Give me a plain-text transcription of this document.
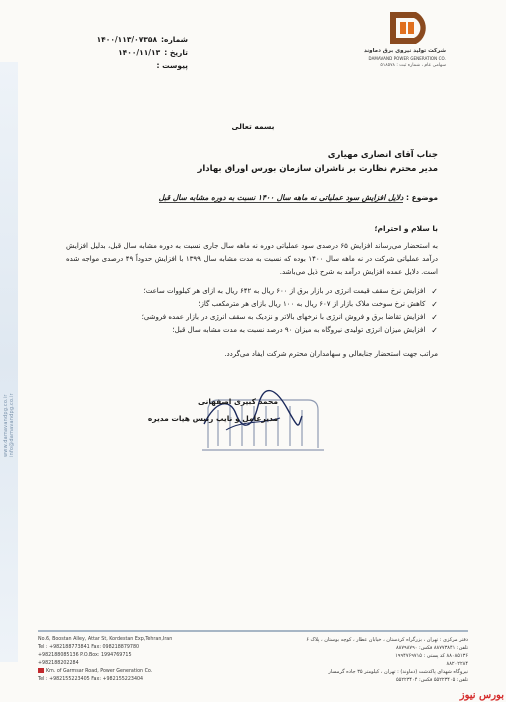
www.damavandpg.co.ir
info@damavandpg.co.ir
شماره:
۱۴۰۰/۱۱۳/۰۷۳۵۸
تاریخ :
۱۴۰۰/۱۱/۱۳
پیوست :
شرکت تولید نیروی برق دماوند
DAMAVAND POWER GENERATION CO.
سهامی عام ، شماره ثبت : ۵۱۸۵۷۸
بسمه تعالی
جناب آقای انصاری مهیاری
مدیر محترم نظارت بر ناشران سازمان بورس اوراق بهادار
موضوع : دلایل افزایش سود عملیاتی نه ماهه سال ۱۴۰۰ نسبت به دوره مشابه سال قبل
با سلام و احترام؛
به استحضار می‌رساند افزایش ۶۵ درصدی سود عملیاتی دوره نه ماهه سال جاری نسبت به دوره مشابه سال قبل، بدلیل افزایش درآمد عملیاتی شرکت در نه ماهه سال ۱۴۰۰ بوده که نسبت به مدت مشابه سال ۱۳۹۹ با افزایش حدوداً ۴۹ درصدی مواجه شده است. دلایل عمده افزایش درآمد به شرح ذیل می‌باشد.
✓
افزایش نرخ سقف قیمت انرژی در بازار برق از ۶۰۰ ریال به ۶۴۲ ریال به ازای هر کیلووات ساعت؛
✓
کاهش نرخ سوخت ملاک بازار از ۶۰۷ ریال به ۱۰۰ ریال بازای هر مترمکعب گاز؛
✓
افزایش تقاضا برق و فروش انرژی با نرخهای بالاتر و نزدیک به سقف انرژی در بازار عمده فروشی؛
✓
افزایش میزان انرژی تولیدی نیروگاه به میزان ۹۰ درصد نسبت به مدت مشابه سال قبل؛
مراتب جهت استحضار جنابعالی و سهامداران محترم شرکت ایفاد می‌گردد.
محمد کبیری اصفهانی
مدیرعامل و نایب رئیس هیات مدیره
No.6, Boostan Alley, Attar St, Kordestan Exp,Tehran,Iran
Tel : +982188773841 Fax: 098218879780
+982188085136 P.O.Box: 1994769715
+982188202284
Km. of Garmsar Road, Power Generation Co.
Tel : +982155223405 Fax: +982155223404
دفتر مرکزی : تهران ، بزرگراه کردستان ، خیابان عطار ، کوچه بوستان ، پلاک ۶
تلفن: ۸۸۷۷۳۸۴۱ فکس: ۸۸۷۹۸۷۹۰
۸۸۰۸۵۱۳۶ کد پستی : ۱۹۹۴۷۶۹۷۱۵
۸۸۲۰۲۲۸۴
نیروگاه شهدای پاکدشت (دماوند) : تهران ، کیلومتر ۳۵ جاده گرمسار
تلفن: ۵۵۲۲۳۴۰۵ فکس: ۵۵۲۲۳۴۰۴
بورس نیوز
